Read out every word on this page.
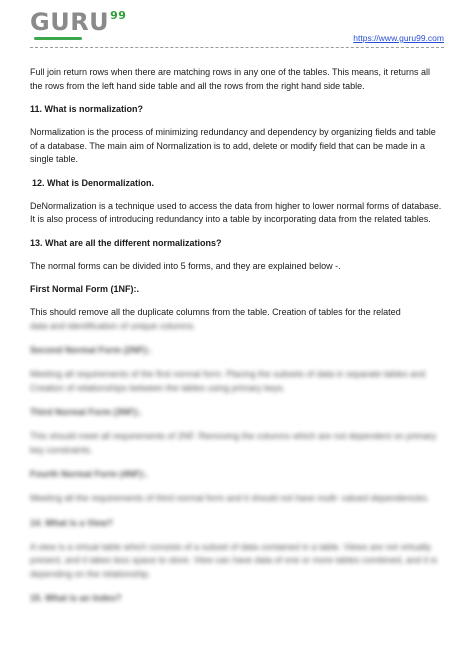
GURU$^{99}$
https://www.guru99.com

Full join return rows when there are matching rows in any one of the tables. This means, it returns all the rows from the left hand side table and all the rows from the right hand side table.

11. What is normalization?

Normalization is the process of minimizing redundancy and dependency by organizing fields and table of a database. The main aim of Normalization is to add, delete or modify field that can be made in a single table.

12. What is Denormalization.

DeNormalization is a technique used to access the data from higher to lower normal forms of database. It is also process of introducing redundancy into a table by incorporating data from the related tables.

13. What are all the different normalizations?

The normal forms can be divided into 5 forms, and they are explained below -.

First Normal Form (1NF):.

This should remove all the duplicate columns from the table. Creation of tables for the related

data and identification of unique columns.

Second Normal Form (2NF):.

Meeting all requirements of the first normal form. Placing the subsets of data in separate tables and Creation of relationships between the tables using primary keys.

Third Normal Form (3NF):.

This should meet all requirements of 2NF. Removing the columns which are not dependent on primary key constraints.

Fourth Normal Form (4NF):.

Meeting all the requirements of third normal form and it should not have multi- valued dependencies.

14. What is a View?

A view is a virtual table which consists of a subset of data contained in a table. Views are not virtually present, and it takes less space to store. View can have data of one or more tables combined, and it is depending on the relationship.

15. What is an Index?
